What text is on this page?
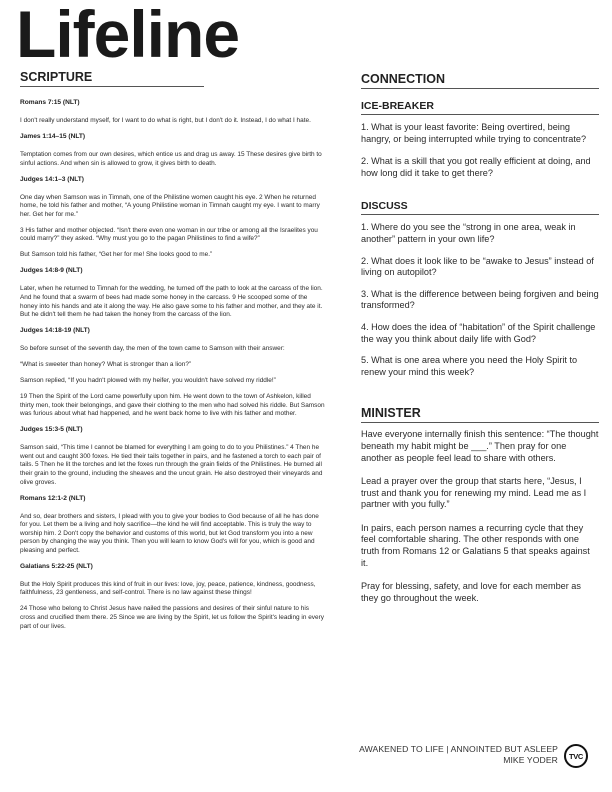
Lifeline
SCRIPTURE
Romans 7:15 (NLT)
I don't really understand myself, for I want to do what is right, but I don't do it. Instead, I do what I hate.
James 1:14–15 (NLT)
Temptation comes from our own desires, which entice us and drag us away. 15 These desires give birth to sinful actions. And when sin is allowed to grow, it gives birth to death.
Judges 14:1–3 (NLT)
One day when Samson was in Timnah, one of the Philistine women caught his eye. 2 When he returned home, he told his father and mother, “A young Philistine woman in Timnah caught my eye. I want to marry her. Get her for me.”
3 His father and mother objected. “Isn't there even one woman in our tribe or among all the Israelites you could marry?” they asked. “Why must you go to the pagan Philistines to find a wife?”
But Samson told his father, “Get her for me! She looks good to me.”
Judges 14:8-9 (NLT)
Later, when he returned to Timnah for the wedding, he turned off the path to look at the carcass of the lion. And he found that a swarm of bees had made some honey in the carcass. 9 He scooped some of the honey into his hands and ate it along the way. He also gave some to his father and mother, and they ate it. But he didn't tell them he had taken the honey from the carcass of the lion.
Judges 14:18-19 (NLT)
So before sunset of the seventh day, the men of the town came to Samson with their answer:
“What is sweeter than honey? What is stronger than a lion?”
Samson replied, “If you hadn't plowed with my heifer, you wouldn't have solved my riddle!”
19 Then the Spirit of the Lord came powerfully upon him. He went down to the town of Ashkelon, killed thirty men, took their belongings, and gave their clothing to the men who had solved his riddle. But Samson was furious about what had happened, and he went back home to live with his father and mother.
Judges 15:3-5 (NLT)
Samson said, “This time I cannot be blamed for everything I am going to do to you Philistines.” 4 Then he went out and caught 300 foxes. He tied their tails together in pairs, and he fastened a torch to each pair of tails. 5 Then he lit the torches and let the foxes run through the grain fields of the Philistines. He burned all their grain to the ground, including the sheaves and the uncut grain. He also destroyed their vineyards and olive groves.
Romans 12:1-2 (NLT)
And so, dear brothers and sisters, I plead with you to give your bodies to God because of all he has done for you. Let them be a living and holy sacrifice—the kind he will find acceptable. This is truly the way to worship him. 2 Don't copy the behavior and customs of this world, but let God transform you into a new person by changing the way you think. Then you will learn to know God's will for you, which is good and pleasing and perfect.
Galatians 5:22-25 (NLT)
But the Holy Spirit produces this kind of fruit in our lives: love, joy, peace, patience, kindness, goodness, faithfulness, 23 gentleness, and self-control. There is no law against these things!
24 Those who belong to Christ Jesus have nailed the passions and desires of their sinful nature to his cross and crucified them there. 25 Since we are living by the Spirit, let us follow the Spirit's leading in every part of our lives.
CONNECTION
ICE-BREAKER
1. What is your least favorite: Being overtired, being hangry, or being interrupted while trying to concentrate?
2. What is a skill that you got really efficient at doing, and how long did it take to get there?
DISCUSS
1. Where do you see the “strong in one area, weak in another” pattern in your own life?
2. What does it look like to be “awake to Jesus” instead of living on autopilot?
3. What is the difference between being forgiven and being transformed?
4. How does the idea of “habitation” of the Spirit challenge the way you think about daily life with God?
5. What is one area where you need the Holy Spirit to renew your mind this week?
MINISTER
Have everyone internally finish this sentence: “The thought beneath my habit might be ___.” Then pray for one another as people feel lead to share with others.
Lead a prayer over the group that starts here, “Jesus, I trust and thank you for renewing my mind. Lead me as I partner with you fully.”
In pairs, each person names a recurring cycle that they feel comfortable sharing. The other responds with one truth from Romans 12 or Galatians 5 that speaks against it.
Pray for blessing, safety, and love for each member as they go throughout the week.
AWAKENED TO LIFE | ANNOINTED BUT ASLEEP
MIKE YODER TVC
